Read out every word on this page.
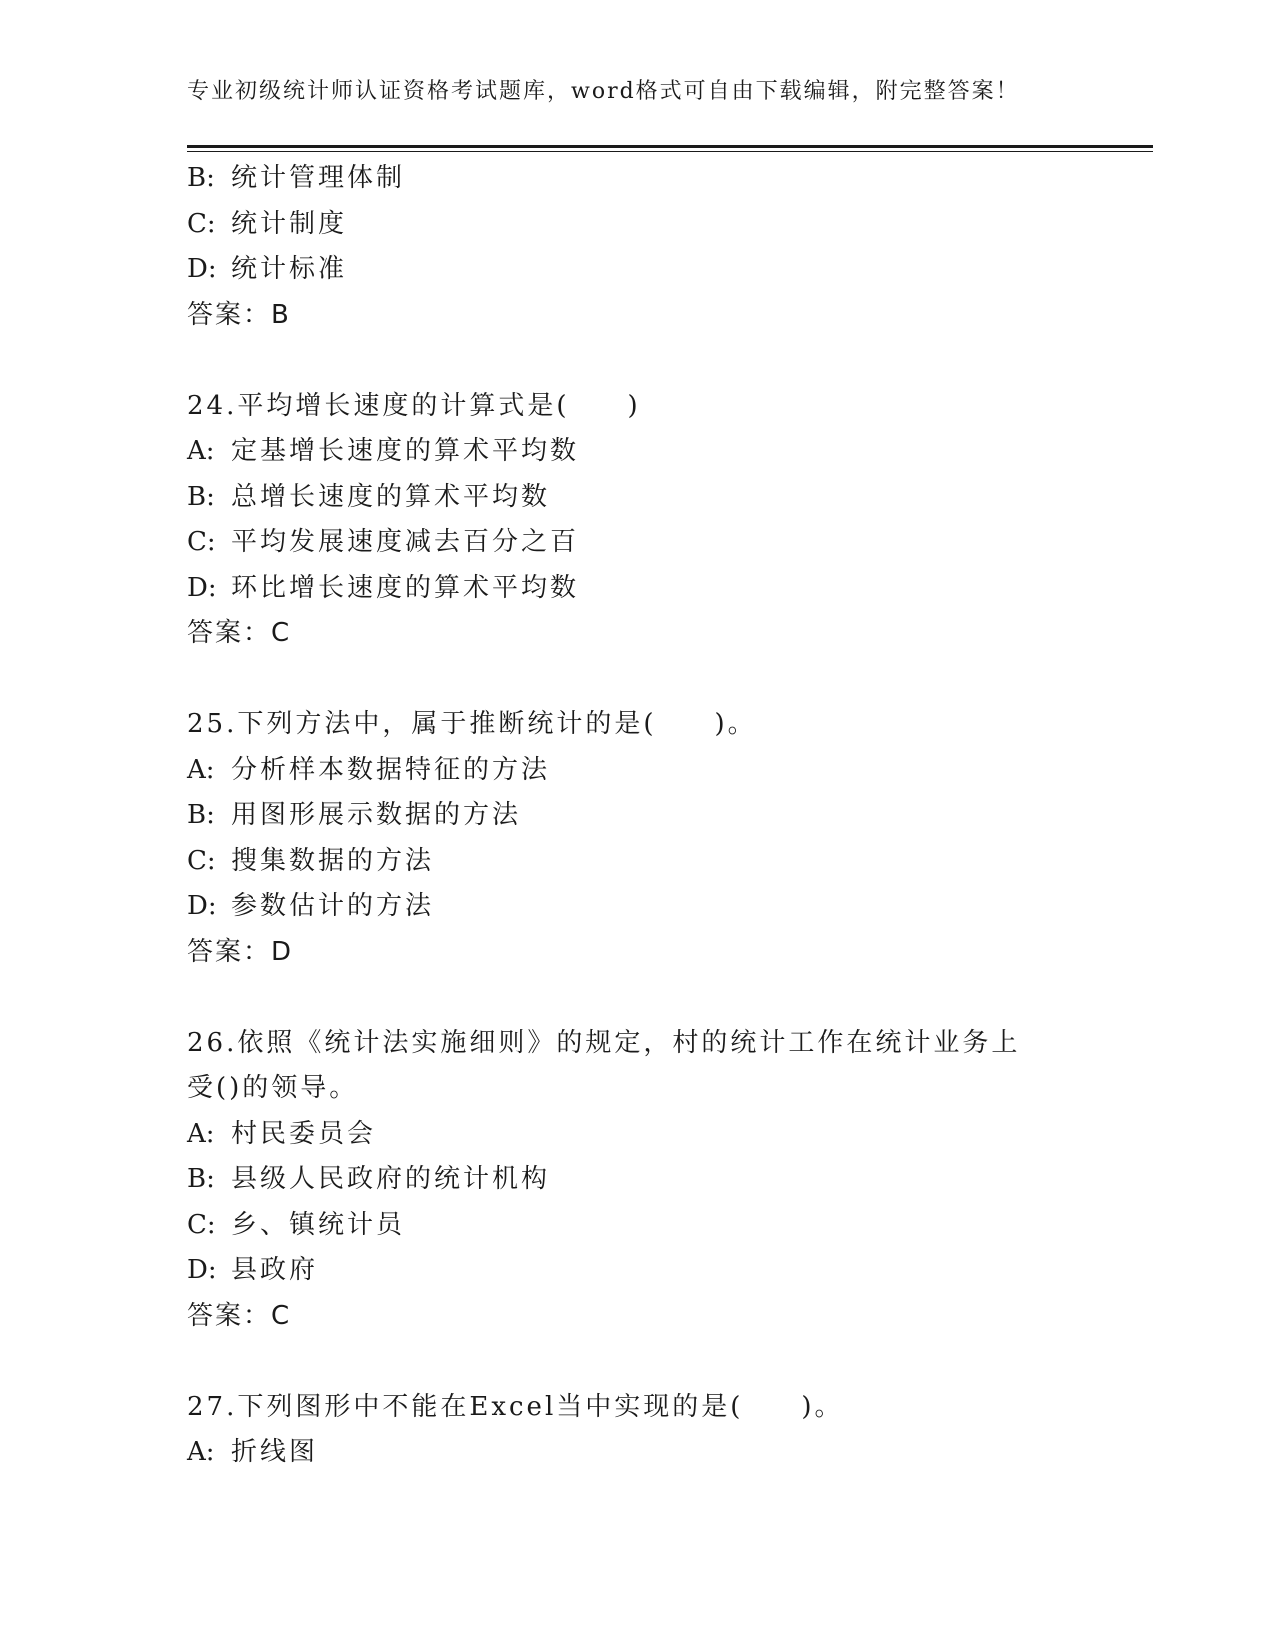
专业初级统计师认证资格考试题库，word格式可自由下载编辑，附完整答案！
B: 统计管理体制
C: 统计制度
D: 统计标准
答案：B
24.平均增长速度的计算式是(　　)
A: 定基增长速度的算术平均数
B: 总增长速度的算术平均数
C: 平均发展速度减去百分之百
D: 环比增长速度的算术平均数
答案：C
25.下列方法中，属于推断统计的是(　　)。
A: 分析样本数据特征的方法
B: 用图形展示数据的方法
C: 搜集数据的方法
D: 参数估计的方法
答案：D
26.依照《统计法实施细则》的规定，村的统计工作在统计业务上受()的领导。
A: 村民委员会
B: 县级人民政府的统计机构
C: 乡、镇统计员
D: 县政府
答案：C
27.下列图形中不能在Excel当中实现的是(　　)。
A: 折线图
